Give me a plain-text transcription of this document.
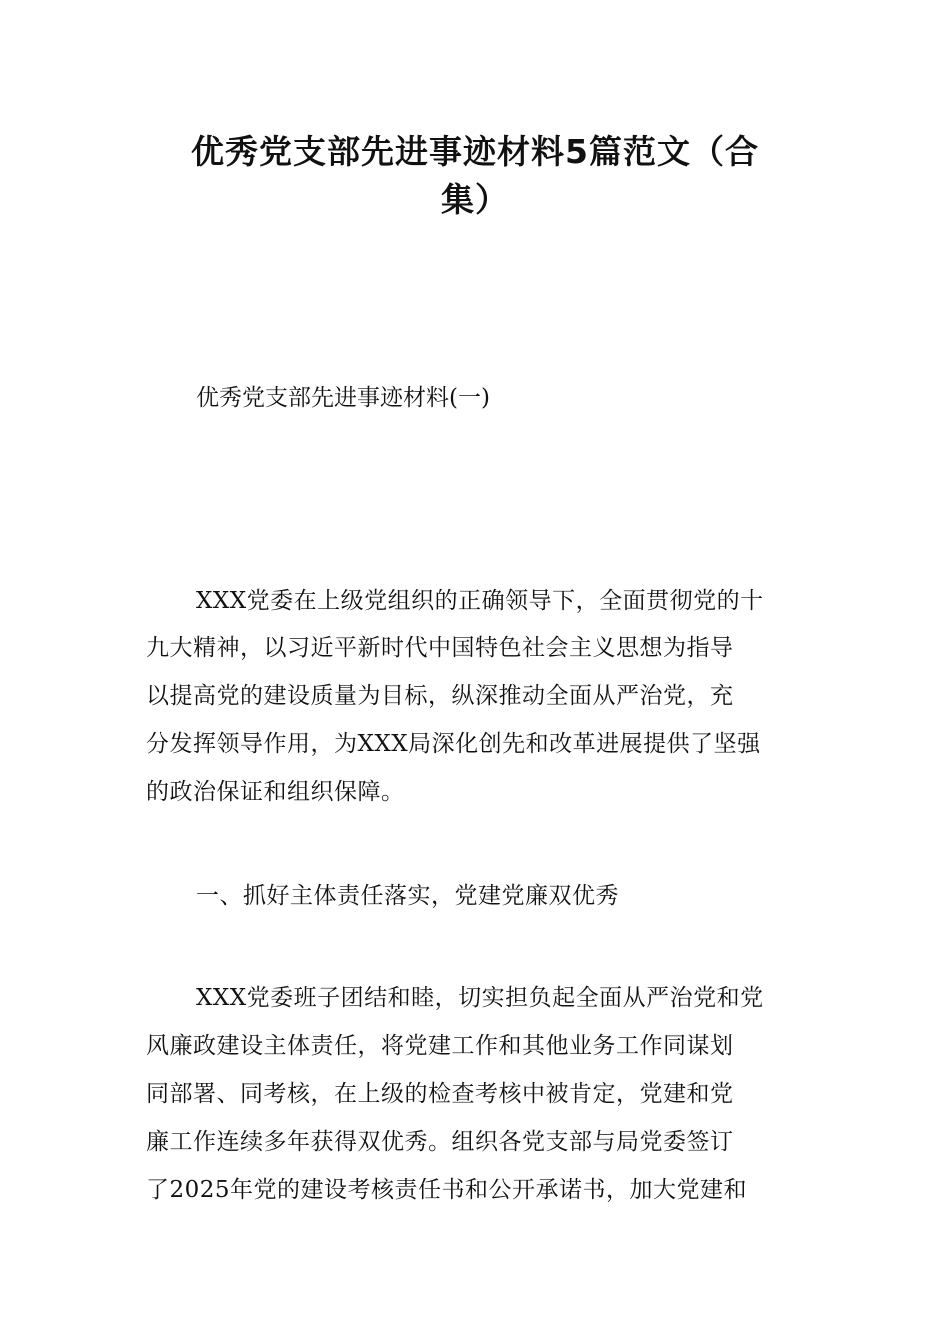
优秀党支部先进事迹材料5篇范文（合
集）

优秀党支部先进事迹材料(一)

XXX党委在上级党组织的正确领导下，全面贯彻党的十

九大精神，以习近平新时代中国特色社会主义思想为指导

以提高党的建设质量为目标，纵深推动全面从严治党，充

分发挥领导作用，为XXX局深化创先和改革进展提供了坚强

的政治保证和组织保障。

一、抓好主体责任落实，党建党廉双优秀

XXX党委班子团结和睦，切实担负起全面从严治党和党

风廉政建设主体责任，将党建工作和其他业务工作同谋划

同部署、同考核，在上级的检查考核中被肯定，党建和党

廉工作连续多年获得双优秀。组织各党支部与局党委签订

了2025年党的建设考核责任书和公开承诺书，加大党建和
